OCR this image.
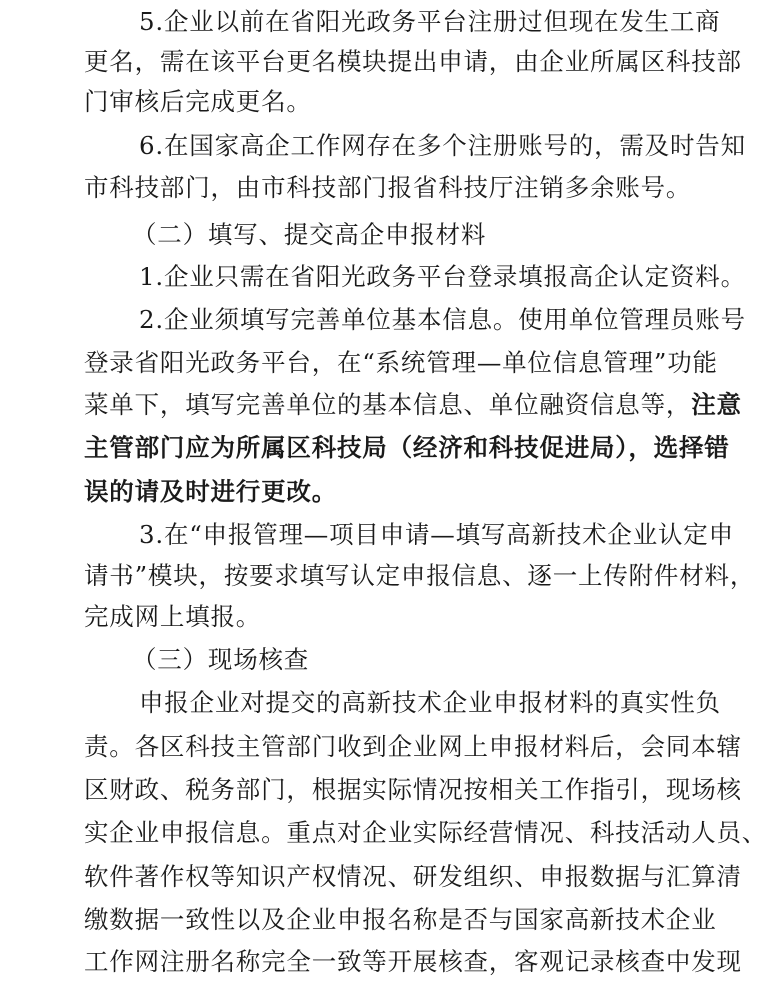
5.企业以前在省阳光政务平台注册过但现在发生工商
更名，需在该平台更名模块提出申请，由企业所属区科技部
门审核后完成更名。
6.在国家高企工作网存在多个注册账号的，需及时告知
市科技部门，由市科技部门报省科技厅注销多余账号。
（二）填写、提交高企申报材料
1.企业只需在省阳光政务平台登录填报高企认定资料。
2.企业须填写完善单位基本信息。使用单位管理员账号
登录省阳光政务平台，在“系统管理—单位信息管理”功能
菜单下，填写完善单位的基本信息、单位融资信息等，注意
主管部门应为所属区科技局（经济和科技促进局），选择错
误的请及时进行更改。
3.在“申报管理—项目申请—填写高新技术企业认定申
请书”模块，按要求填写认定申报信息、逐一上传附件材料，
完成网上填报。
（三）现场核查
申报企业对提交的高新技术企业申报材料的真实性负
责。各区科技主管部门收到企业网上申报材料后，会同本辖
区财政、税务部门，根据实际情况按相关工作指引，现场核
实企业申报信息。重点对企业实际经营情况、科技活动人员、
软件著作权等知识产权情况、研发组织、申报数据与汇算清
缴数据一致性以及企业申报名称是否与国家高新技术企业
工作网注册名称完全一致等开展核查，客观记录核查中发现
